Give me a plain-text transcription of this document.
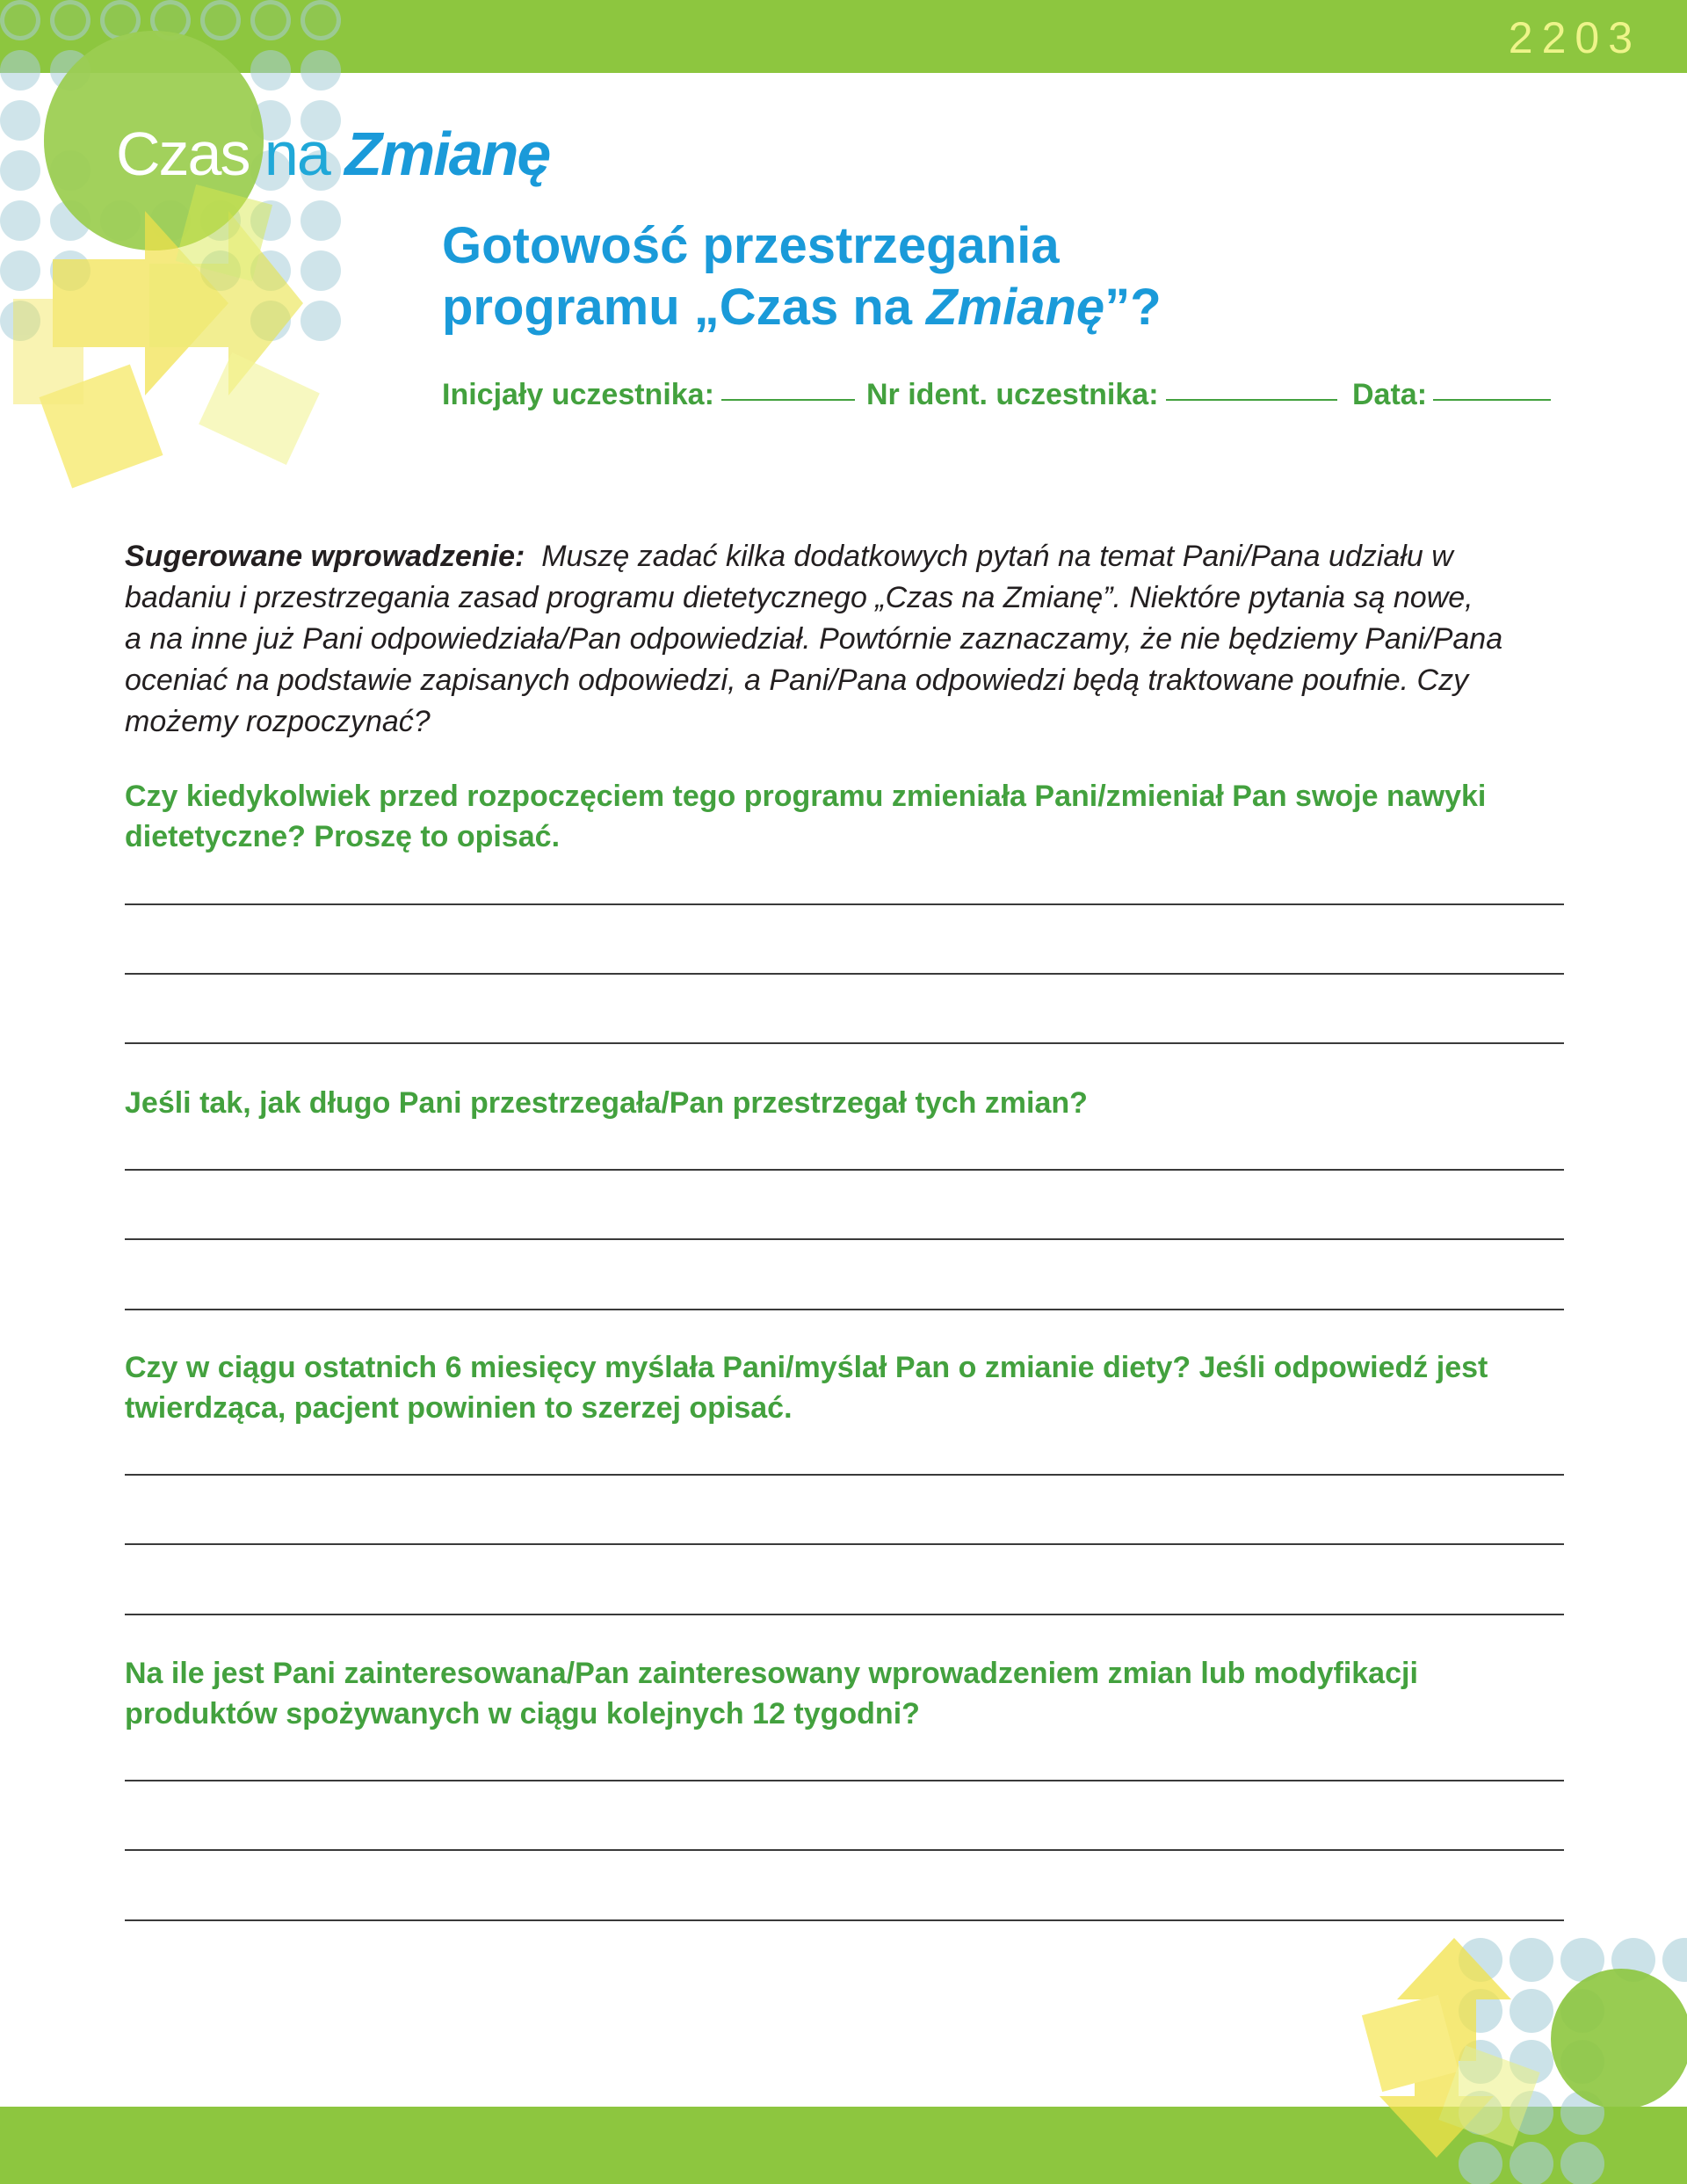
2203
Czas na Zmianę
Gotowość przestrzegania
programu „Czas na Zmianę”?
Inicjały uczestnika:	Nr ident. uczestnika:	Data:
Sugerowane wprowadzenie:  Muszę zadać kilka dodatkowych pytań na temat Pani/Pana udziału w
badaniu i przestrzegania zasad programu dietetycznego „Czas na Zmianę”. Niektóre pytania są nowe,
a na inne już Pani odpowiedziała/Pan odpowiedział. Powtórnie zaznaczamy, że nie będziemy Pani/Pana
oceniać na podstawie zapisanych odpowiedzi, a Pani/Pana odpowiedzi będą traktowane poufnie. Czy
możemy rozpoczynać?
Czy kiedykolwiek przed rozpoczęciem tego programu zmieniała Pani/zmieniał Pan swoje nawyki
dietetyczne? Proszę to opisać.
Jeśli tak, jak długo Pani przestrzegała/Pan przestrzegał tych zmian?
Czy w ciągu ostatnich 6 miesięcy myślała Pani/myślał Pan o zmianie diety? Jeśli odpowiedź jest
twierdząca, pacjent powinien to szerzej opisać.
Na ile jest Pani zainteresowana/Pan zainteresowany wprowadzeniem zmian lub modyfikacji
produktów spożywanych w ciągu kolejnych 12 tygodni?
